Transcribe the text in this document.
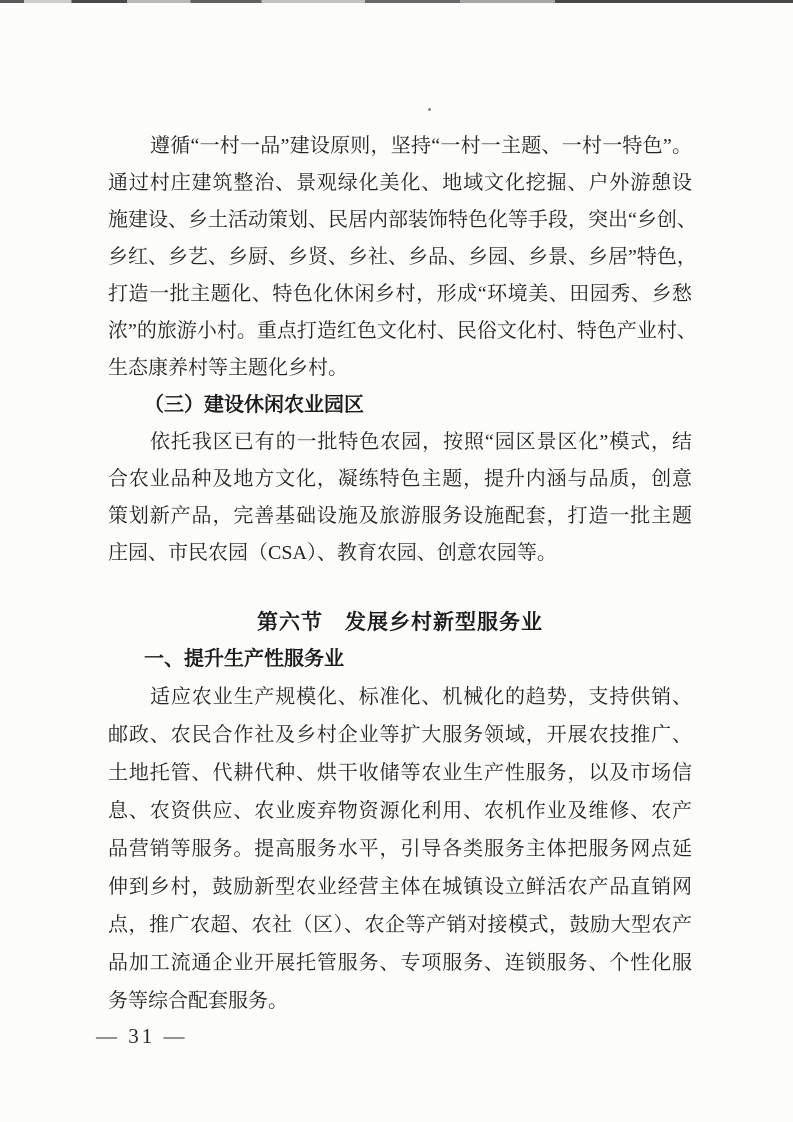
遵循“一村一品”建设原则，坚持“一村一主题、一村一特色”。
通过村庄建筑整治、景观绿化美化、地域文化挖掘、户外游憩设
施建设、乡土活动策划、民居内部装饰特色化等手段，突出“乡创、
乡红、乡艺、乡厨、乡贤、乡社、乡品、乡园、乡景、乡居”特色，
打造一批主题化、特色化休闲乡村，形成“环境美、田园秀、乡愁
浓”的旅游小村。重点打造红色文化村、民俗文化村、特色产业村、
生态康养村等主题化乡村。
（三）建设休闲农业园区
依托我区已有的一批特色农园，按照“园区景区化”模式，结
合农业品种及地方文化，凝练特色主题，提升内涵与品质，创意
策划新产品，完善基础设施及旅游服务设施配套，打造一批主题
庄园、市民农园（CSA）、教育农园、创意农园等。
第六节　发展乡村新型服务业
一、提升生产性服务业
适应农业生产规模化、标准化、机械化的趋势，支持供销、
邮政、农民合作社及乡村企业等扩大服务领域，开展农技推广、
土地托管、代耕代种、烘干收储等农业生产性服务，以及市场信
息、农资供应、农业废弃物资源化利用、农机作业及维修、农产
品营销等服务。提高服务水平，引导各类服务主体把服务网点延
伸到乡村，鼓励新型农业经营主体在城镇设立鲜活农产品直销网
点，推广农超、农社（区）、农企等产销对接模式，鼓励大型农产
品加工流通企业开展托管服务、专项服务、连锁服务、个性化服
务等综合配套服务。
— 31 —
